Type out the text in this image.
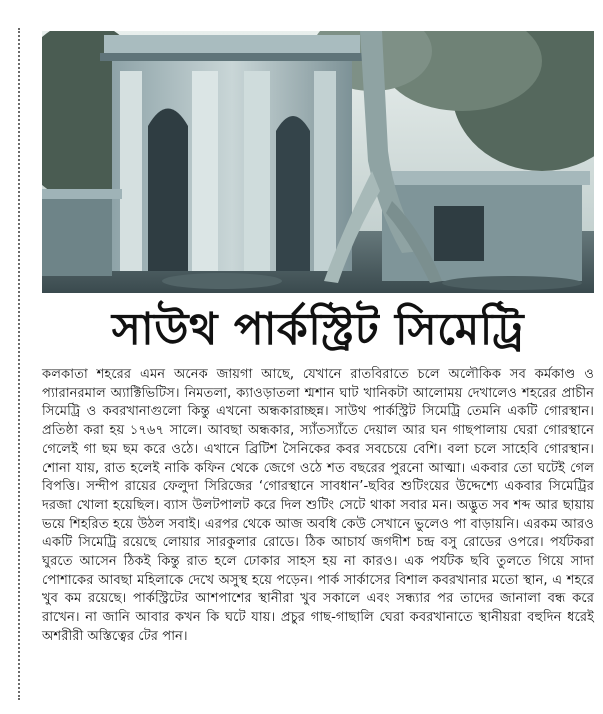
সাউথ পার্কস্ট্রিট সিমেট্রি

কলকাতা শহরের এমন অনেক জায়গা আছে, যেখানে রাতবিরাতে চলে অলৌকিক সব কর্মকাণ্ড ও প্যারানরমাল অ্যাক্টিভিটিস। নিমতলা, ক্যাওড়াতলা শ্মশান ঘাট খানিকটা আলোময় দেখালেও শহরের প্রাচীন সিমেট্রি ও কবরখানাগুলো কিন্তু এখনো অন্ধকারাচ্ছন্ন। সাউথ পার্কস্ট্রিট সিমেট্রি তেমনি একটি গোরস্থান। প্রতিষ্ঠা করা হয় ১৭৬৭ সালে। আবছা অন্ধকার, স্যাঁতস্যাঁতে দেয়াল আর ঘন গাছপালায় ঘেরা গোরস্থানে গেলেই গা ছম ছম করে ওঠে। এখানে ব্রিটিশ সৈনিকের কবর সবচেয়ে বেশি। বলা চলে সাহেবি গোরস্থান। শোনা যায়, রাত হলেই নাকি কফিন থেকে জেগে ওঠে শত বছরের পুরনো আত্মা। একবার তো ঘটেই গেল বিপত্তি। সন্দীপ রায়ের ফেলুদা সিরিজের ‘গোরস্থানে সাবধান’-ছবির শুটিংয়ের উদ্দেশ্যে একবার সিমেট্রির দরজা খোলা হয়েছিল। ব্যাস উলটপালট করে দিল শুটিং সেটে থাকা সবার মন। অদ্ভুত সব শব্দ আর ছায়ায় ভয়ে শিহরিত হয়ে উঠল সবাই। এরপর থেকে আজ অবধি কেউ সেখানে ভুলেও পা বাড়ায়নি। এরকম আরও একটি সিমেট্রি রয়েছে লোয়ার সারকুলার রোডে। ঠিক আচার্য জগদীশ চন্দ্র বসু রোডের ওপরে। পর্যটকরা ঘুরতে আসেন ঠিকই কিন্তু রাত হলে ঢোকার সাহস হয় না কারও। এক পর্যটক ছবি তুলতে গিয়ে সাদা পোশাকের আবছা মহিলাকে দেখে অসুস্থ হয়ে পড়েন। পার্ক সার্কাসের বিশাল কবরখানার মতো স্থান, এ শহরে খুব কম রয়েছে। পার্কস্ট্রিটের আশপাশের স্থানীরা খুব সকালে এবং সন্ধ্যার পর তাদের জানালা বন্ধ করে রাখেন। না জানি আবার কখন কি ঘটে যায়। প্রচুর গাছ-গাছালি ঘেরা কবরখানাতে স্থানীয়রা বহুদিন ধরেই অশরীরী অস্তিত্বের টের পান।
